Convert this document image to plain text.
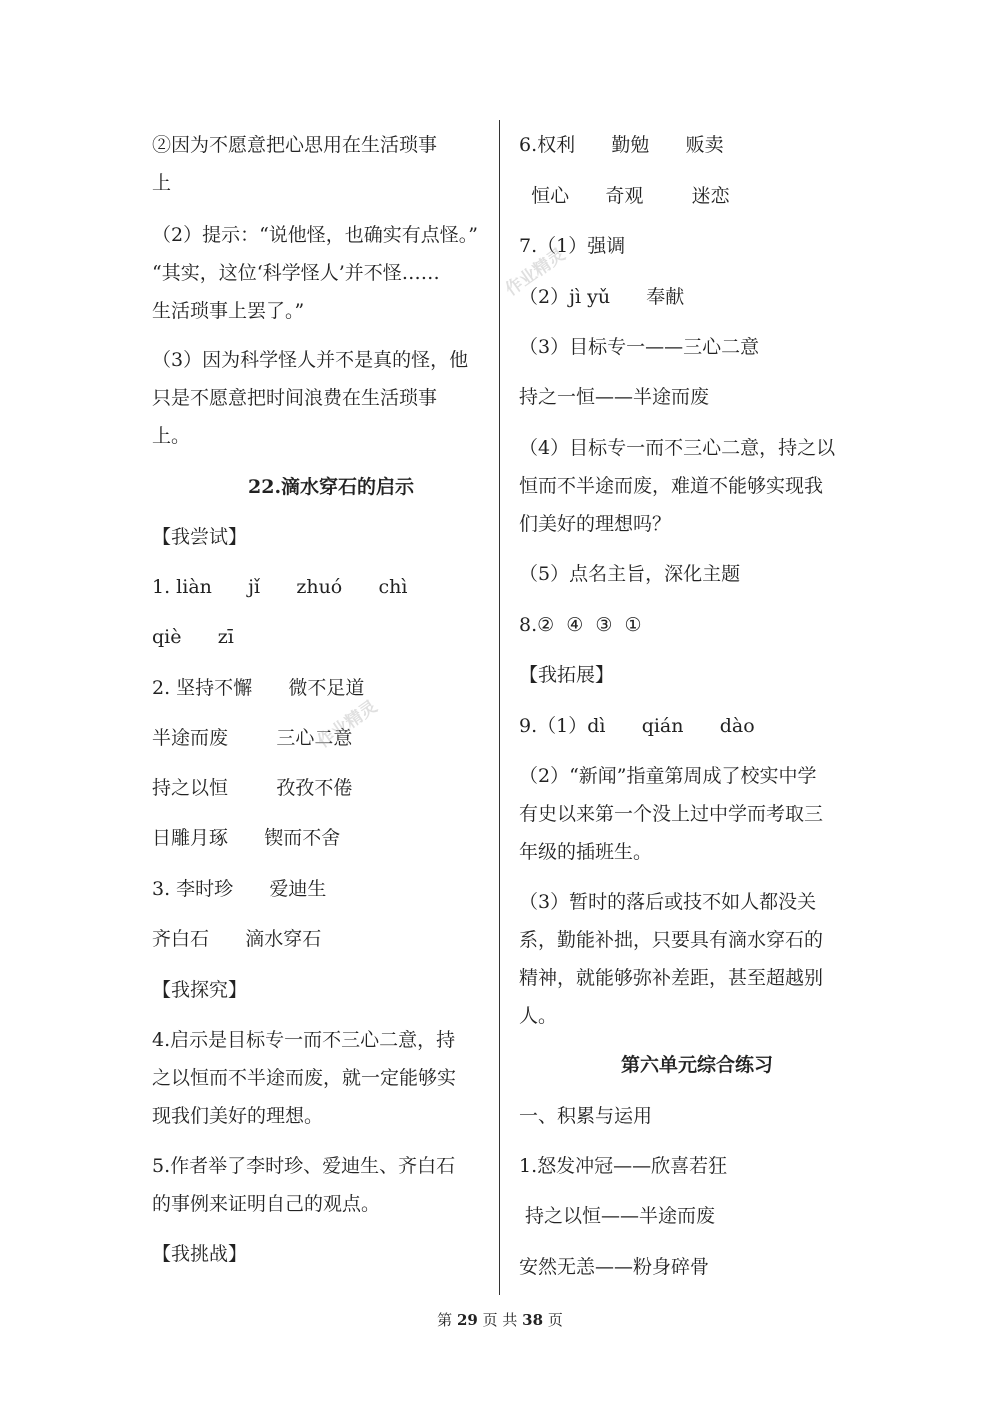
②因为不愿意把心思用在生活琐事
上
（2）提示：“说他怪，也确实有点怪。”
“其实，这位‘科学怪人’并不怪……
生活琐事上罢了。”
（3）因为科学怪人并不是真的怪，他
只是不愿意把时间浪费在生活琐事
上。
22.滴水穿石的启示
【我尝试】
1. liàn      jǐ      zhuó      chì
qiè      zī
2. 坚持不懈      微不足道
半途而废        三心二意
持之以恒        孜孜不倦
日雕月琢      锲而不舍
3. 李时珍      爱迪生
齐白石      滴水穿石
【我探究】
4.启示是目标专一而不三心二意，持
之以恒而不半途而废，就一定能够实
现我们美好的理想。
5.作者举了李时珍、爱迪生、齐白石
的事例来证明自己的观点。
【我挑战】
6.权利      勤勉      贩卖
恒心      奇观        迷恋
7.（1）强调
（2）jì yǔ      奉献
（3）目标专一——三心二意
持之一恒——半途而废
（4）目标专一而不三心二意，持之以
恒而不半途而废，难道不能够实现我
们美好的理想吗？
（5）点名主旨，深化主题
8.②  ④  ③  ①
【我拓展】
9.（1）dì      qián      dào
（2）“新闻”指童第周成了校实中学
有史以来第一个没上过中学而考取三
年级的插班生。
（3）暂时的落后或技不如人都没关
系，勤能补拙，只要具有滴水穿石的
精神，就能够弥补差距，甚至超越别
人。
第六单元综合练习
一、积累与运用
1.怒发冲冠——欣喜若狂
持之以恒——半途而废
安然无恙——粉身碎骨
作业精灵
作业精灵
第 29 页 共 38 页
